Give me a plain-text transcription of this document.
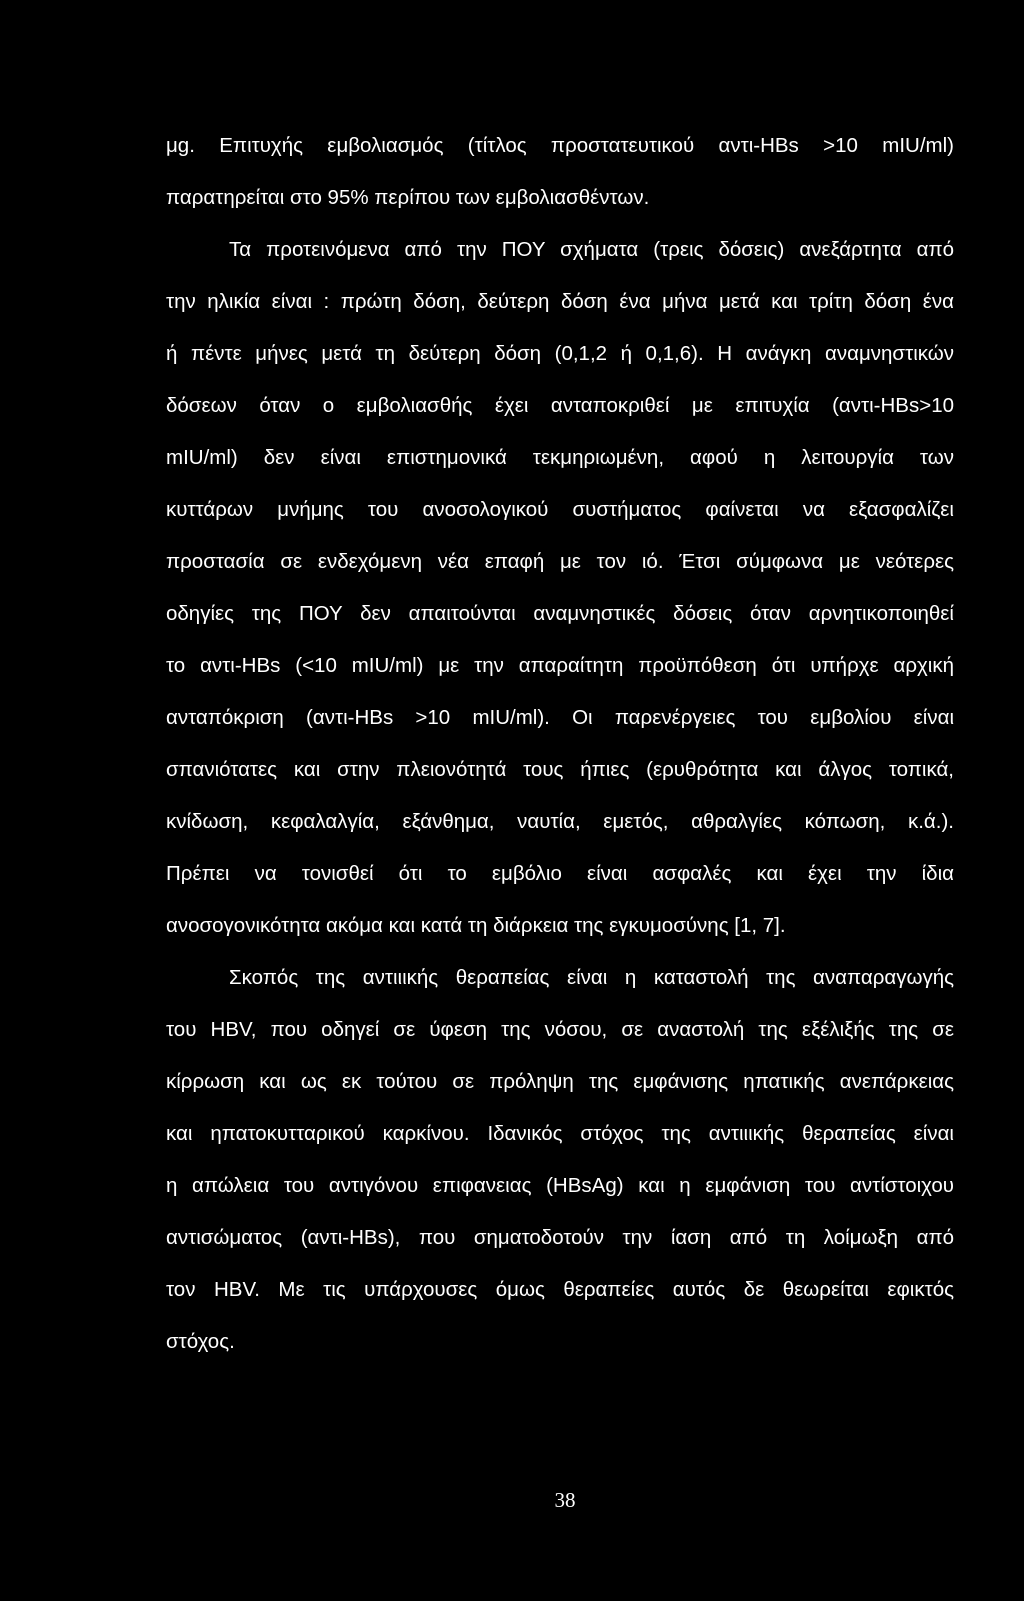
μg. Επιτυχής εμβολιασμός (τίτλος προστατευτικού αντι-HBs >10 mIU/ml)
παρατηρείται στο 95% περίπου των εμβολιασθέντων.
Τα προτεινόμενα από την ΠΟΥ σχήματα (τρεις δόσεις) ανεξάρτητα από
την ηλικία είναι : πρώτη δόση, δεύτερη δόση ένα μήνα μετά και τρίτη δόση ένα
ή πέντε μήνες μετά τη δεύτερη δόση (0,1,2 ή 0,1,6). Η ανάγκη αναμνηστικών
δόσεων όταν ο εμβολιασθής έχει ανταποκριθεί με επιτυχία (αντι-HBs>10
mIU/ml) δεν είναι επιστημονικά τεκμηριωμένη, αφού η λειτουργία των
κυττάρων μνήμης του ανοσολογικού συστήματος φαίνεται να εξασφαλίζει
προστασία σε ενδεχόμενη νέα επαφή με τον ιό. Έτσι σύμφωνα με νεότερες
οδηγίες της ΠΟΥ δεν απαιτούνται αναμνηστικές δόσεις όταν αρνητικοποιηθεί
το αντι-HBs (<10 mIU/ml) με την απαραίτητη προϋπόθεση ότι υπήρχε αρχική
ανταπόκριση (αντι-HBs >10 mIU/ml). Οι παρενέργειες του εμβολίου είναι
σπανιότατες και στην πλειονότητά τους ήπιες (ερυθρότητα και άλγος τοπικά,
κνίδωση, κεφαλαλγία, εξάνθημα, ναυτία, εμετός, αθραλγίες κόπωση, κ.ά.).
Πρέπει να τονισθεί ότι το εμβόλιο είναι ασφαλές και έχει την ίδια
ανοσογονικότητα ακόμα και κατά τη διάρκεια της εγκυμοσύνης [1, 7].
Σκοπός της αντιιικής θεραπείας είναι η καταστολή της αναπαραγωγής
του HBV, που οδηγεί σε ύφεση της νόσου, σε αναστολή της εξέλιξής της σε
κίρρωση και ως εκ τούτου σε πρόληψη της εμφάνισης ηπατικής ανεπάρκειας
και ηπατοκυτταρικού καρκίνου. Ιδανικός στόχος της αντιιικής θεραπείας είναι
η απώλεια του αντιγόνου επιφανειας (HBsAg) και η εμφάνιση του αντίστοιχου
αντισώματος (αντι-HBs), που σηματοδοτούν την ίαση από τη λοίμωξη από
τον HBV. Με τις υπάρχουσες όμως θεραπείες αυτός δε θεωρείται εφικτός
στόχος.
38
